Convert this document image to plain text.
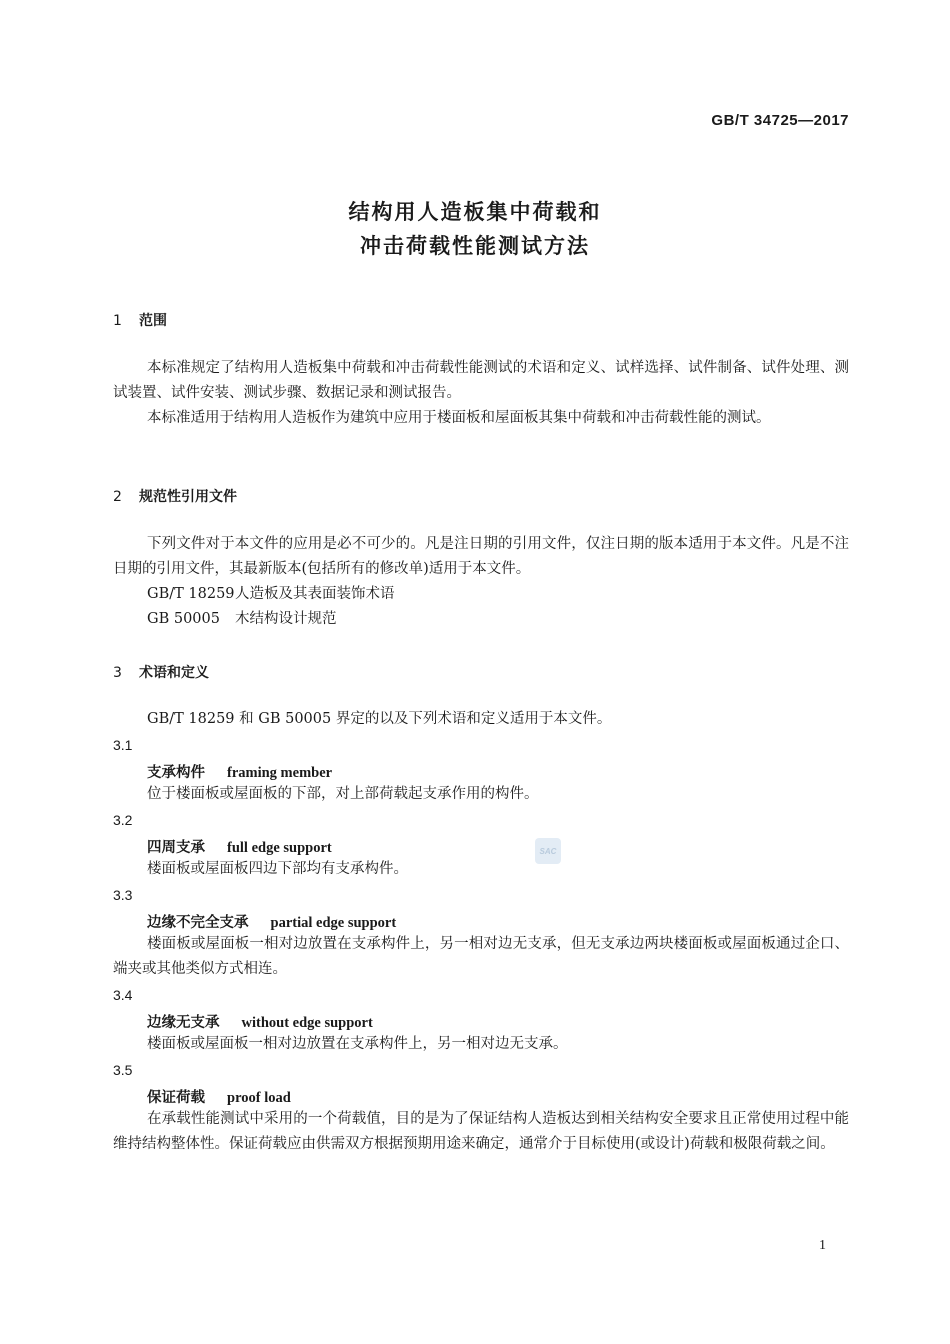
GB/T 34725—2017
结构用人造板集中荷载和
冲击荷载性能测试方法
1 范围
本标准规定了结构用人造板集中荷载和冲击荷载性能测试的术语和定义、试样选择、试件制备、试件处理、测试装置、试件安装、测试步骤、数据记录和测试报告。
本标准适用于结构用人造板作为建筑中应用于楼面板和屋面板其集中荷载和冲击荷载性能的测试。
2 规范性引用文件
下列文件对于本文件的应用是必不可少的。凡是注日期的引用文件，仅注日期的版本适用于本文件。凡是不注日期的引用文件，其最新版本(包括所有的修改单)适用于本文件。
GB/T 18259人造板及其表面装饰术语
GB 50005 木结构设计规范
3 术语和定义
GB/T 18259 和 GB 50005 界定的以及下列术语和定义适用于本文件。
3.1
支承构件 framing member
位于楼面板或屋面板的下部，对上部荷载起支承作用的构件。
3.2
四周支承 full edge support
楼面板或屋面板四边下部均有支承构件。
3.3
边缘不完全支承 partial edge support
楼面板或屋面板一相对边放置在支承构件上，另一相对边无支承，但无支承边两块楼面板或屋面板通过企口、端夹或其他类似方式相连。
3.4
边缘无支承 without edge support
楼面板或屋面板一相对边放置在支承构件上，另一相对边无支承。
3.5
保证荷载 proof load
在承载性能测试中采用的一个荷载值，目的是为了保证结构人造板达到相关结构安全要求且正常使用过程中能维持结构整体性。保证荷载应由供需双方根据预期用途来确定，通常介于目标使用(或设计)荷载和极限荷载之间。
SAC
1
